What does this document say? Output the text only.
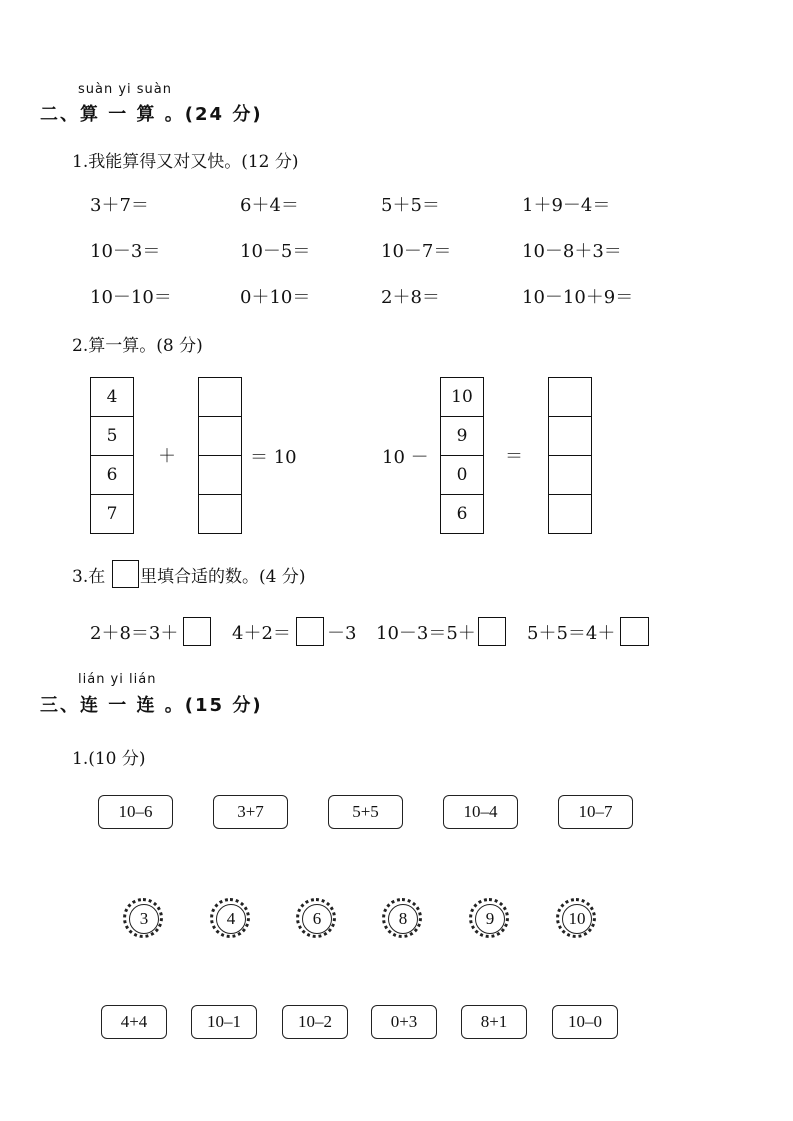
suàn yi suàn
二、算 一 算 。(24 分)
1.我能算得又对又快。(12 分)
3＋7＝	6＋4＝	5＋5＝	1＋9－4＝
10－3＝	10－5＝	10－7＝	10－8＋3＝
10－10＝	0＋10＝	2＋8＝	10－10＋9＝
2.算一算。(8 分)
4
5
6
7
＋	＝ 10	10 －
10
9
0
6
＝
3.在 里填合适的数。(4 分)
2＋8＝3＋	4＋2＝ －3 10－3＝5＋	5＋5＝4＋
lián yi lián
三、连 一 连 。(15 分)
1.(10 分)
10–6	3+7	5+5	10–4	10–7
3	4	6	8	9	10
4+4	10–1	10–2	0+3	8+1	10–0
